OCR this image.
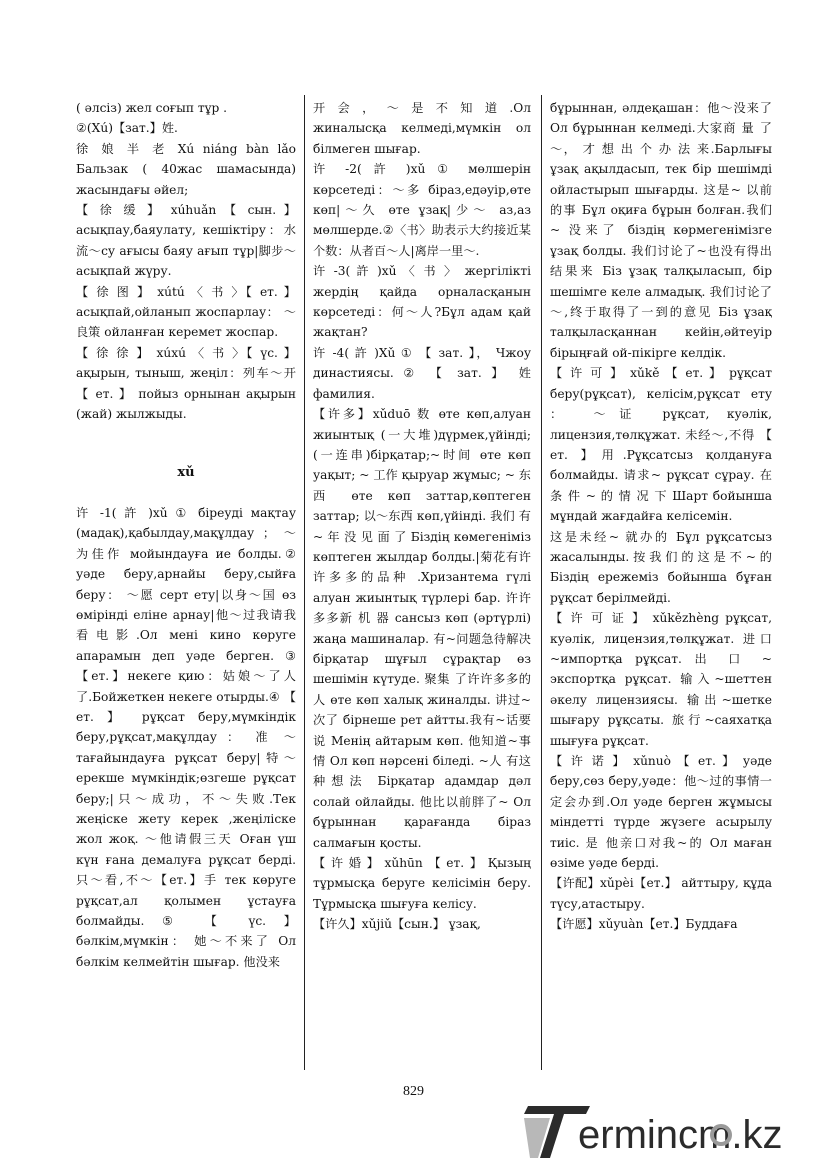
( әлсіз) жел соғып тұр .

②(Xú)【зат.】姓.

徐 娘 半 老 Xú niáng bàn lǎo Бальзак ( 40жас шамасында) жасындағы әйел;

【 徐 缓 】 xúhuǎn 【 сын. 】 асықпау,баяулату, кешіктіру：水流～су ағысы баяу ағып тұр|脚步～асықпай жүру.

【 徐 图 】 xútú 〈 书 〉【 ет. 】 асықпай,ойланып жоспарлау： ～良策 ойланған керемет жоспар.

【 徐 徐 】 xúxú 〈 书 〉【 үс. 】 ақырын, тыныш, жеңіл：列车～开 【 ет. 】 пойыз орнынан ақырын (жай) жылжыды.

xǔ

许 -1( 許 )xǔ ① біреуді мақтау (мадақ),қабылдау,мақұлдау ； ～为佳作 мойындауға ие болды.② уәде беру,арнайы беру,сыйға беру： ～愿 серт ету|以身～国 өз өмірінді еліне арнау|他～过我请我看电影.Ол мені кино көруге апарамын деп уәде берген. ③【ет.】некеге қию：姑娘～了人了.Бойжеткен некеге отырды.④ 【 ет. 】 рұқсат беру,мүмкіндік беру,рұқсат,мақұлдау ： 准 ～ тағайындауға рұқсат беру|特～ ерекше мүмкіндік;өзгеше рұқсат беру;|只～成功，不～失败.Тек жеңіске жету керек ,жеңіліске жол жоқ. ～他请假三天 Оған үш күн ғана демалуға рұқсат берді. 只～看,不～【ет.】手 тек көруге рұқсат,ал қолымен ұстауға болмайды. ⑤ 【 үс. 】 бәлкім,мүмкін： 她～不来了 Ол бәлкім келмейтін шығар. 他没来

开 会 ， ～ 是 不 知 道 .Ол жиналысқа келмеді,мүмкін ол білмеген шығар.

许 -2( 許 )xǔ ① мөлшерін көрсетеді：～多 біраз,едәуір,өте көп|～久 өте ұзақ|少～ аз,аз мөлшерде.②〈书〉助表示大约接近某个数：从者百～人|离岸一里～.

许 -3( 許 )xǔ 〈 书 〉 жергілікті жердің қайда орналасқанын көрсетеді：何～人?Бұл адам қай жақтан?

许 -4( 許 )Xǔ ① 【 зат. 】， Чжоу династиясы. ② 【 зат. 】 姓 фамилия.

【许多】xǔduō 数 өте көп,алуан жиынтық (一大堆)дүрмек,үйінді; (一连串)бірқатар;~时间 өте көп уақыт; ~ 工作 қыруар жұмыс; ~ 东 西 өте көп заттар,көптеген заттар; 以～东西 көп,үйінді. 我们 有 ~ 年 没 见 面 了 Біздің көмегеніміз көптеген жылдар болды.|菊花有许许多多的品种 .Хризантема гүлі алуан жиынтық түрлері бар. 许许多多新 机 器 сансыз көп (әртүрлі) жаңа машиналар. 有~问题急待解决 бірқатар шұғыл сұрақтар өз шешімін күтуде. 聚集 了许许多多的人 өте көп халық жиналды. 讲过~次了 бірнеше рет айтты.我有~话要说 Менің айтарым көп. 他知道~事情 Ол көп нәрсені біледі. ~人 有这种想法 Бірқатар адамдар дәл солай ойлайды. 他比以前胖了~ Ол бұрыннан қарағанда біраз салмағын қосты.

【许婚】xǔhūn【ет.】Қызың тұрмысқа беруге келісімін беру. Тұрмысқа шығуға келісу.

【许久】xǔjiǔ【сын.】 ұзақ,

бұрыннан, әлдеқашан：他～没来了 Ол бұрыннан келмеді.大家商 量 了～， 才 想 出 个 办 法 来.Барлығы ұзақ ақылдасып, тек бір шешімді ойластырып шығарды. 这是~ 以前 的事 Бұл оқиға бұрын болған.我们~ 没来了 біздің көрмегенімізге ұзақ болды. 我们讨论了~也没有得出结果来 Біз ұзақ талқыласып, бір шешімге келе алмадық. 我们讨论了～,终于取得了一到的意见 Біз ұзақ талқыласқаннан кейін,әйтеуір бірыңғай ой-пікірге келдік.

【 许 可 】 xǔkě 【 ет. 】 рұқсат беру(рұқсат), келісім,рұқсат ету ： ～证 рұқсат, куәлік, лицензия,төлқұжат. 未经～,不得 【 ет. 】用.Рұқсатсыз қолдануға болмайды. 请求~ рұқсат сұрау. 在 条 件 ~ 的 情 况 下 Шарт бойынша мұндай жағдайға келісемін.

这是未经~ 就办的 Бұл рұқсатсыз жасалынды.按我们的这是不~的 Біздің ережеміз бойынша бұған рұқсат берілмейді.

【 许 可 证 】 xǔkězhèng рұқсат, куәлік, лицензия,төлқұжат. 进口~импортқа рұқсат. 出 口 ~ экспортқа рұқсат. 输入~шеттен әкелу лицензиясы. 输出~шетке шығару рұқсаты. 旅行~саяхатқа шығуға рұқсат.

【 许 诺 】 xǔnuò 【 ет. 】 уәде беру,сөз беру,уәде：他～过的事情一定会办到.Ол уәде берген жұмысы міндетті түрде жүзеге асырылу тиіс. 是 他亲口对我~的 Ол маған өзіме уәде берді.

【许配】xǔpèi【ет.】 айттыру, құда түсу,атастыру.

【许愿】xǔyuàn【ет.】Буддаға

829
ermincm.kz
